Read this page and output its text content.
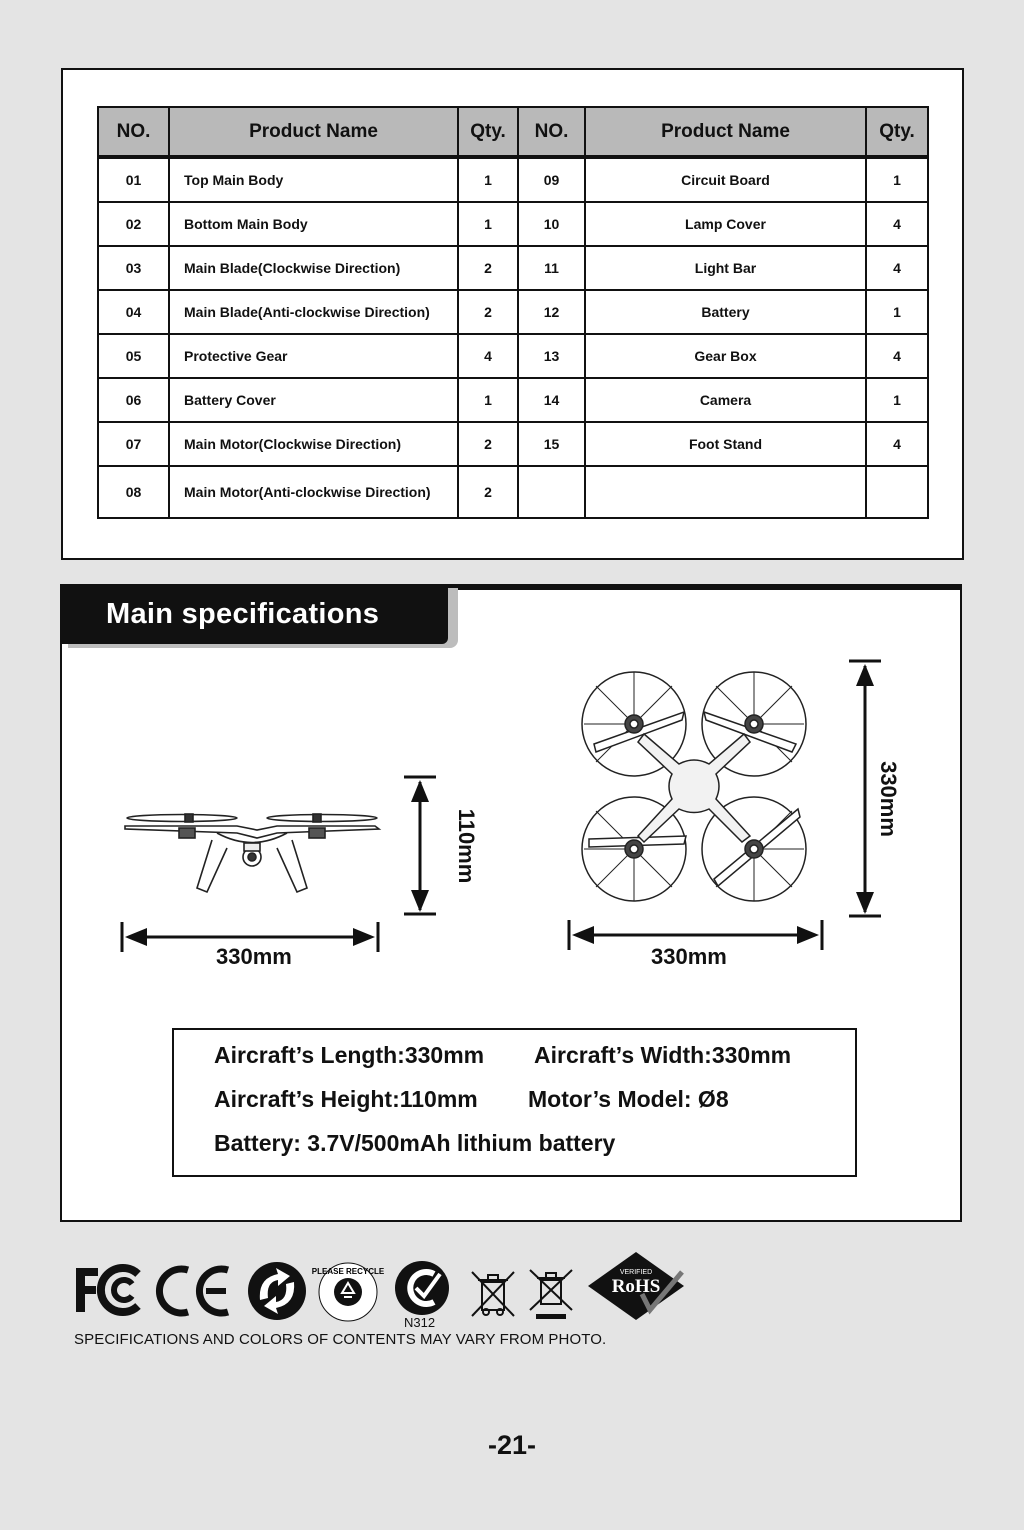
NO.	Product Name	Qty.	NO.	Product Name	Qty.
01	Top Main Body	1	09	Circuit Board	1
02	Bottom Main Body	1	10	Lamp Cover	4
03	Main Blade(Clockwise Direction)	2	11	Light Bar	4
04	Main Blade(Anti-clockwise Direction)	2	12	Battery	1
05	Protective Gear	4	13	Gear Box	4
06	Battery Cover	1	14	Camera	1
07	Main Motor(Clockwise Direction)	2	15	Foot Stand	4
08	Main Motor(Anti-clockwise Direction)	2			
Main specifications
330mm
110mm
330mm
330mm
Aircraft’s Length:330mm Aircraft’s Width:330mm
Aircraft’s Height:110mm Motor’s Model: Ø8
Battery: 3.7V/500mAh lithium battery
PLEASE RECYCLE
N312
VERIFIED
RoHS
SPECIFICATIONS AND COLORS OF CONTENTS MAY VARY FROM PHOTO.
-21-
